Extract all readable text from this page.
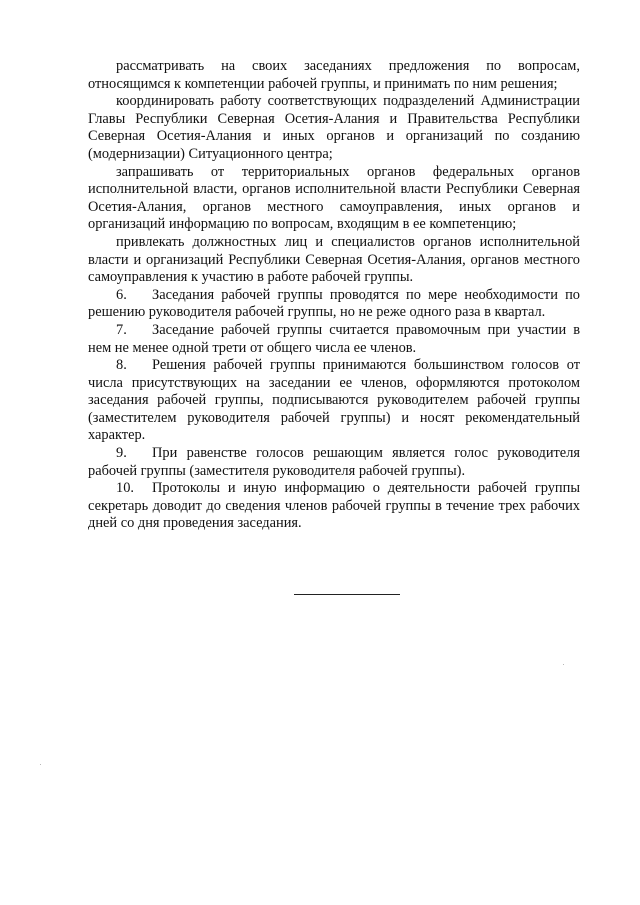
рассматривать на своих заседаниях предложения по вопросам, относящимся к компетенции рабочей группы, и принимать по ним решения;

координировать работу соответствующих подразделений Администрации Главы Республики Северная Осетия-Алания и Правительства Республики Северная Осетия-Алания и иных органов и организаций по созданию (модернизации) Ситуационного центра;

запрашивать от территориальных органов федеральных органов исполнительной власти, органов исполнительной власти Республики Северная Осетия-Алания, органов местного самоуправления, иных органов и организаций информацию по вопросам, входящим в ее компетенцию;

привлекать должностных лиц и специалистов органов исполнительной власти и организаций Республики Северная Осетия-Алания, органов местного самоуправления к участию в работе рабочей группы.

6. Заседания рабочей группы проводятся по мере необходимости по решению руководителя рабочей группы, но не реже одного раза в квартал.

7. Заседание рабочей группы считается правомочным при участии в нем не менее одной трети от общего числа ее членов.

8. Решения рабочей группы принимаются большинством голосов от числа присутствующих на заседании ее членов, оформляются протоколом заседания рабочей группы, подписываются руководителем рабочей группы (заместителем руководителя рабочей группы) и носят рекомендательный характер.

9. При равенстве голосов решающим является голос руководителя рабочей группы (заместителя руководителя рабочей группы).

10. Протоколы и иную информацию о деятельности рабочей группы секретарь доводит до сведения членов рабочей группы в течение трех рабочих дней со дня проведения заседания.
